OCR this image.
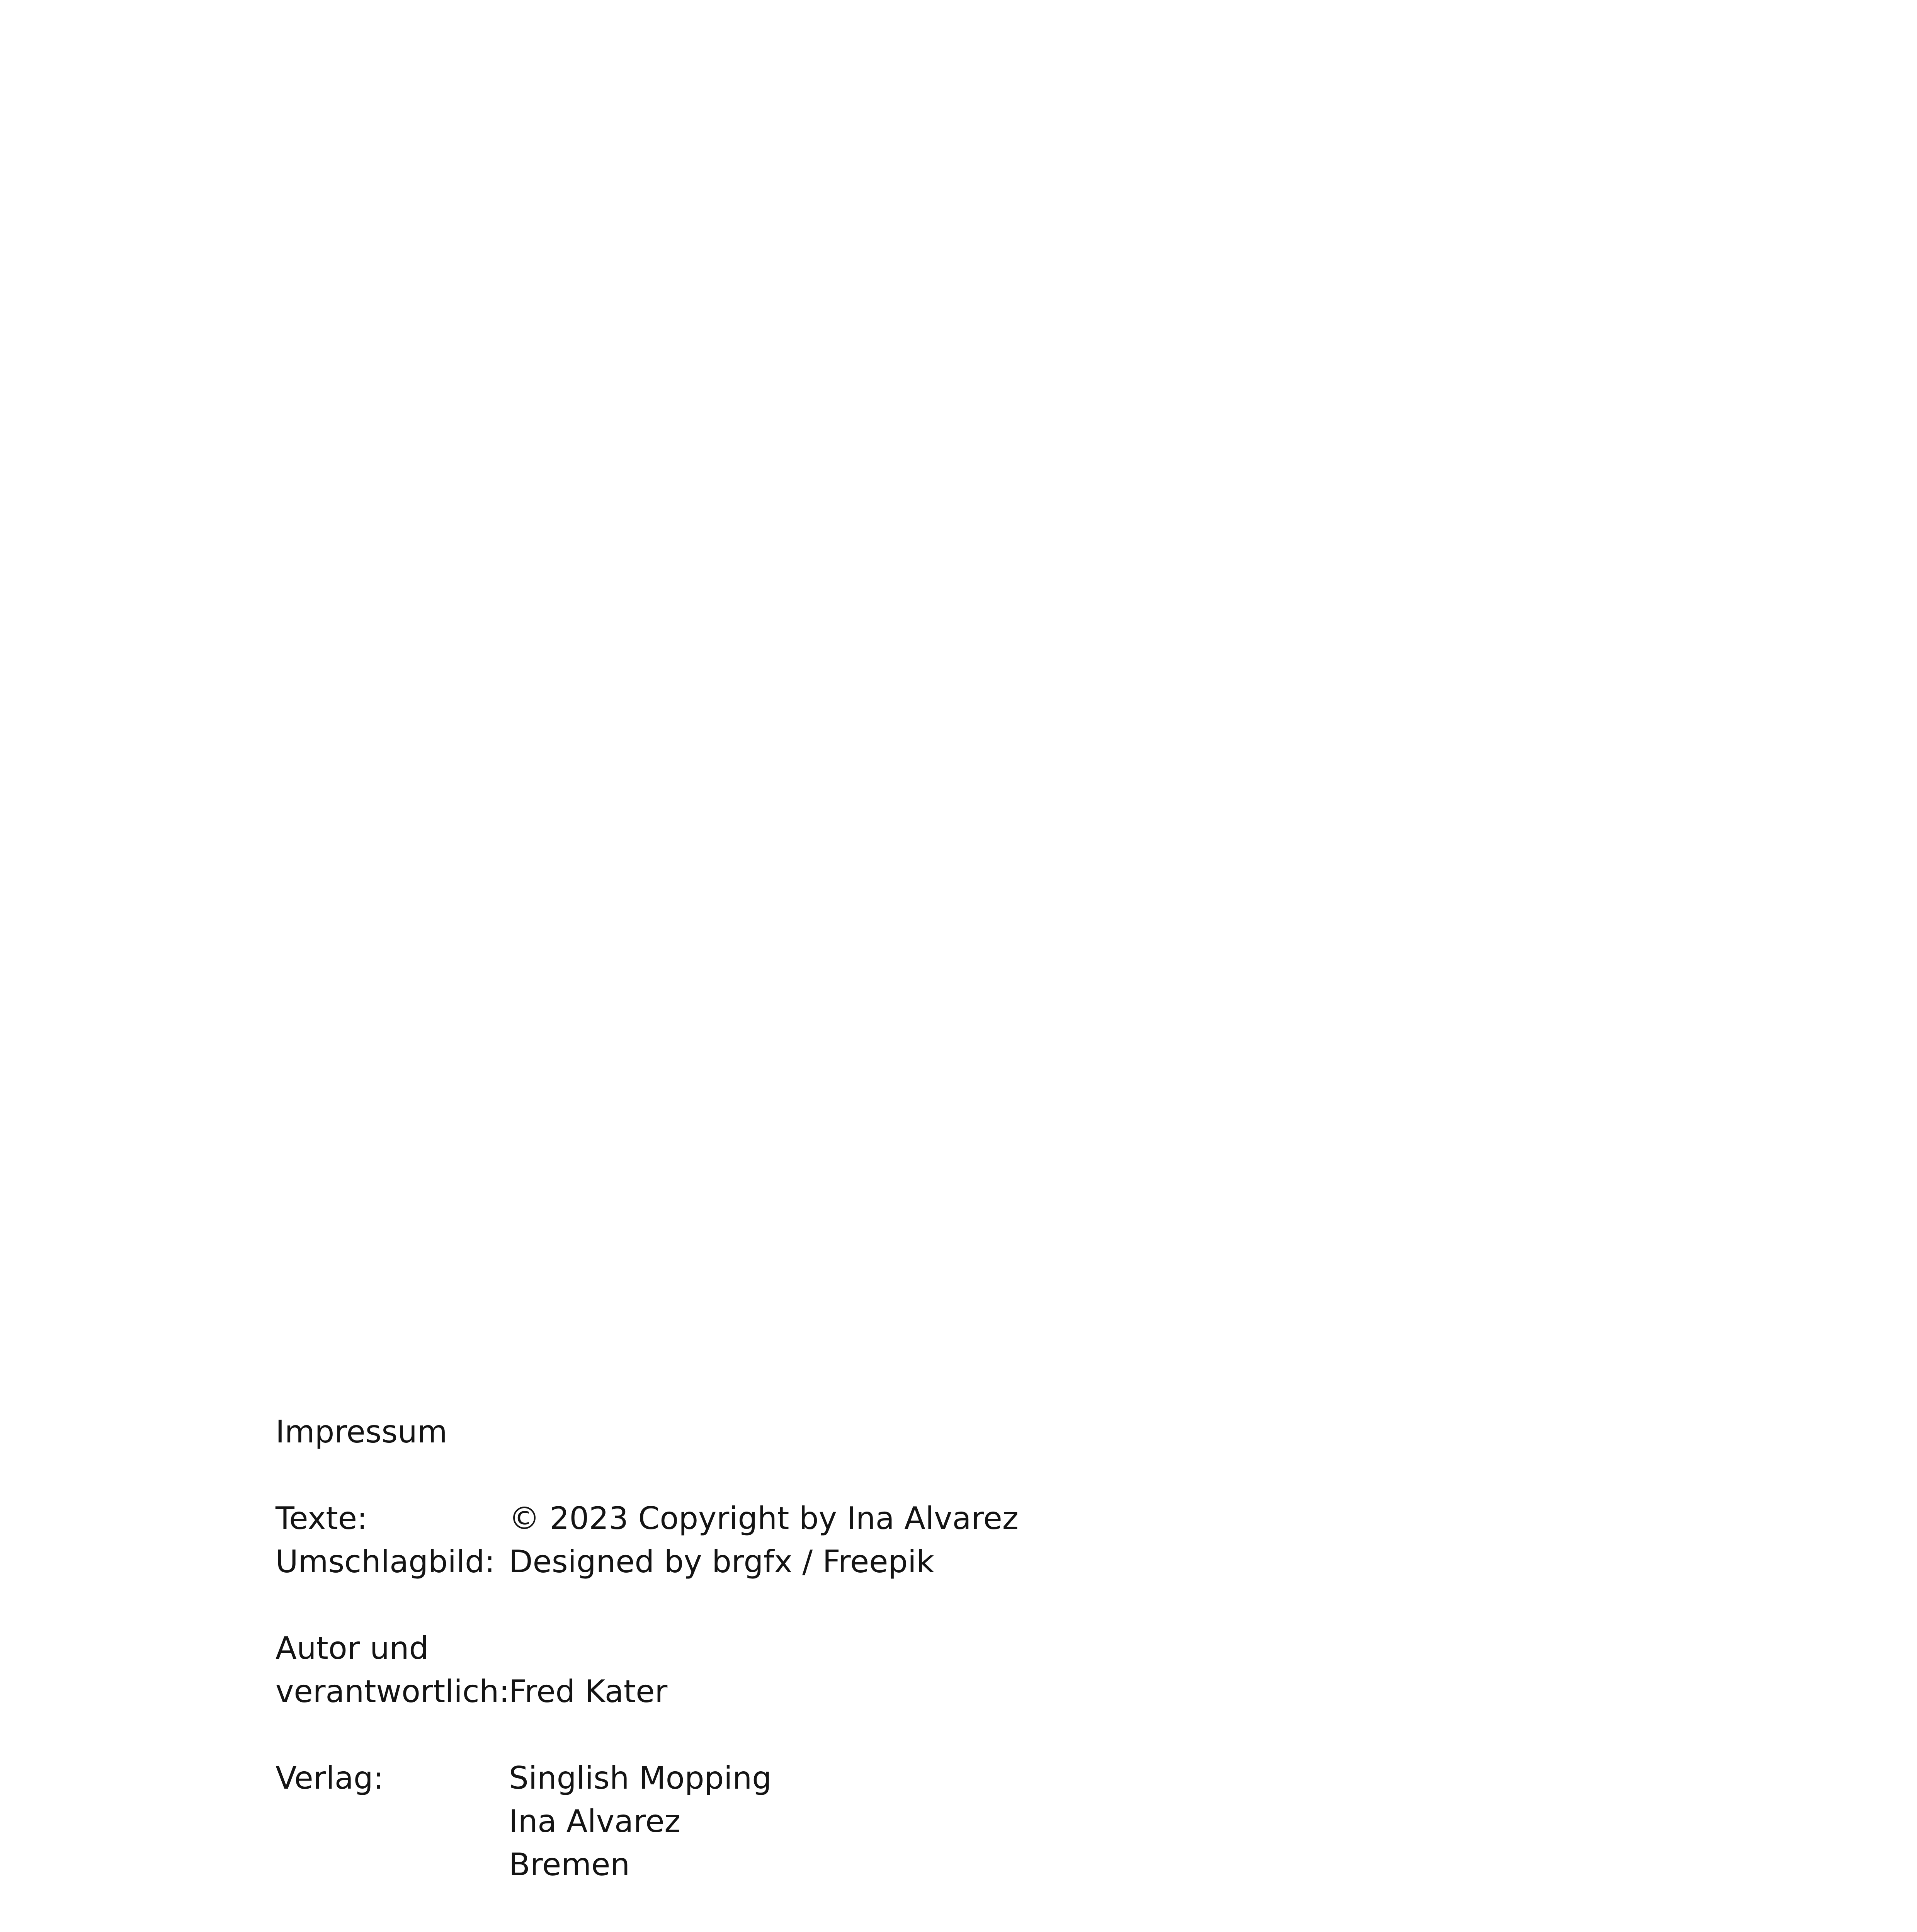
Impressum
Texte:	© 2023 Copyright by Ina Alvarez
Umschlagbild: Designed by brgfx / Freepik
Autor und
verantwortlich:
Fred Kater
Verlag:	Singlish Mopping
Ina Alvarez
Bremen
